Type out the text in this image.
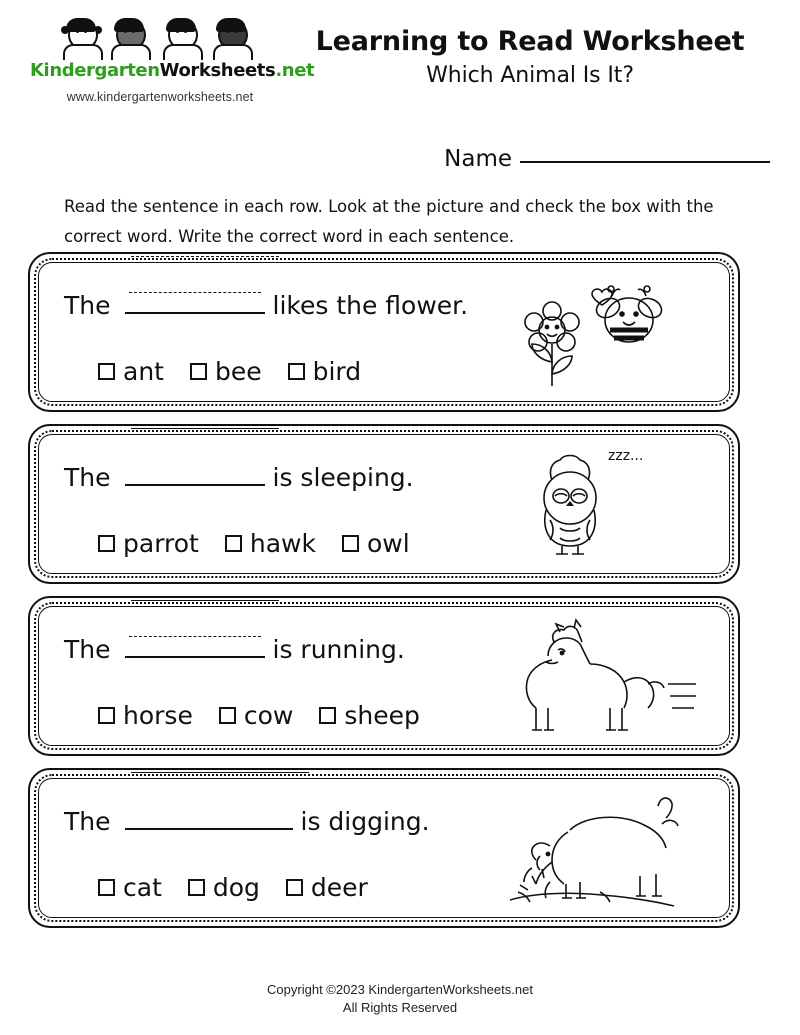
KindergartenWorksheets.net
www.kindergartenworksheets.net
Learning to Read Worksheet
Which Animal Is It?
Name
Read the sentence in each row. Look at the picture and check the box with the correct word. Write the correct word in each sentence.
The	likes the flower.
ant bee bird
The	is sleeping.
parrot hawk owl
zzz...
The	is running.
horse cow sheep
The	is digging.
cat dog deer
Copyright ©2023 KindergartenWorksheets.net
All Rights Reserved
